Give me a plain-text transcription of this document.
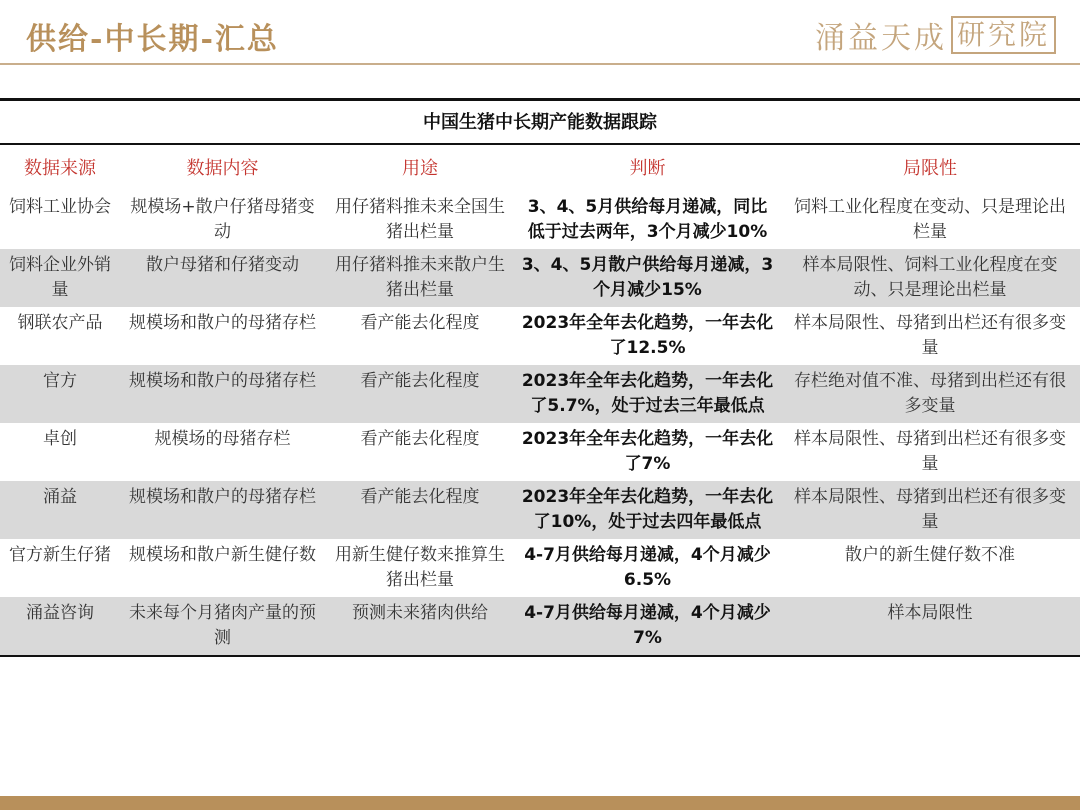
供给-中长期-汇总	涌益天成 研究院
中国生猪中长期产能数据跟踪				
数据来源	数据内容	用途	判断	局限性
饲料工业协会	规模场+散户仔猪母猪变动	用仔猪料推未来全国生猪出栏量	3、4、5月供给每月递减，同比低于过去两年，3个月减少10%	饲料工业化程度在变动、只是理论出栏量
饲料企业外销量	散户母猪和仔猪变动	用仔猪料推未来散户生猪出栏量	3、4、5月散户供给每月递减，3个月减少15%	样本局限性、饲料工业化程度在变动、只是理论出栏量
钢联农产品	规模场和散户的母猪存栏	看产能去化程度	2023年全年去化趋势，一年去化了12.5%	样本局限性、母猪到出栏还有很多变量
官方	规模场和散户的母猪存栏	看产能去化程度	2023年全年去化趋势，一年去化了5.7%，处于过去三年最低点	存栏绝对值不准、母猪到出栏还有很多变量
卓创	规模场的母猪存栏	看产能去化程度	2023年全年去化趋势，一年去化了7%	样本局限性、母猪到出栏还有很多变量
涌益	规模场和散户的母猪存栏	看产能去化程度	2023年全年去化趋势，一年去化了10%，处于过去四年最低点	样本局限性、母猪到出栏还有很多变量
官方新生仔猪	规模场和散户新生健仔数	用新生健仔数来推算生猪出栏量	4-7月供给每月递减，4个月减少6.5%	散户的新生健仔数不准
涌益咨询	未来每个月猪肉产量的预测	预测未来猪肉供给	4-7月供给每月递减，4个月减少7%	样本局限性
